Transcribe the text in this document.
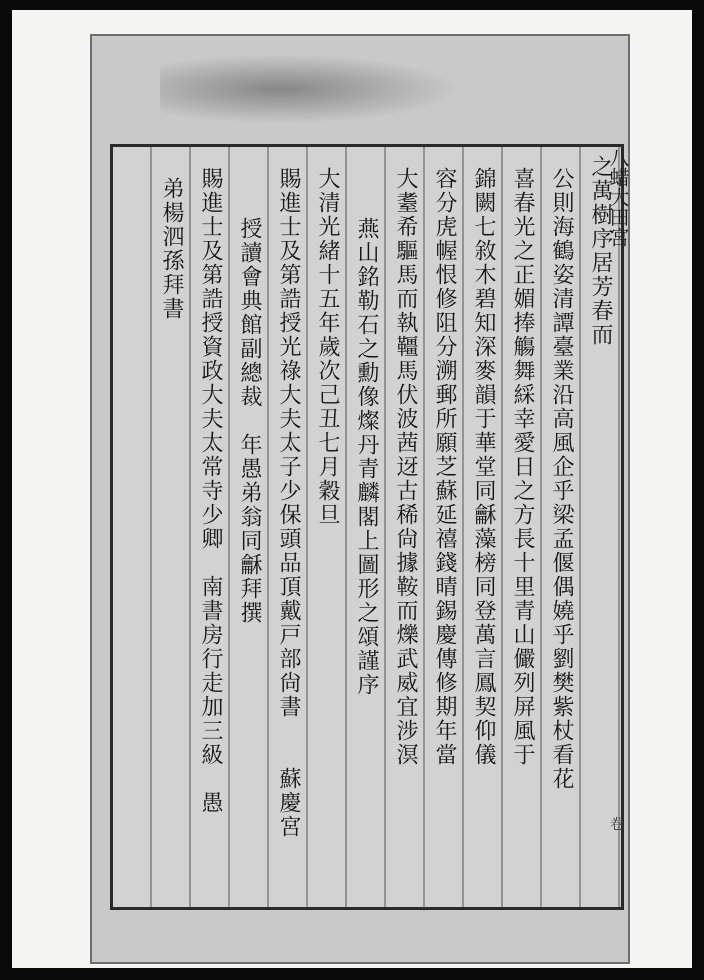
八蜡大田宮
之萬樹序居芳春而
公則海鶴姿清譚臺業沿高風企乎梁孟偃偶嬈乎劉樊紫杖看花
喜春光之正媚捧觴舞綵幸愛日之方長十里青山儼列屏風于
錦闕七敘木碧知深麥韻于華堂同龢藻榜同登萬言鳳契仰儀
容分虎幄恨修阻分溯郵所願芝蘇延禧錢晴錫慶傳修期年當
大耋希驅馬而執韁馬伏波茜迓古稀尙據鞍而爍武威宜涉溟
燕山銘勒石之勳像燦丹青麟閣上圖形之頌謹序
大清光緒十五年歲次己丑七月穀旦
賜進士及第誥授光祿大夫太子少保頭品頂戴戸部尙書　　蘇慶宮
授讀會典館副總裁　年愚弟翁同龢拜撰
賜進士及第誥授資政大夫太常寺少卿　南書房行走加三級　愚
弟楊泗孫拜書
卷
